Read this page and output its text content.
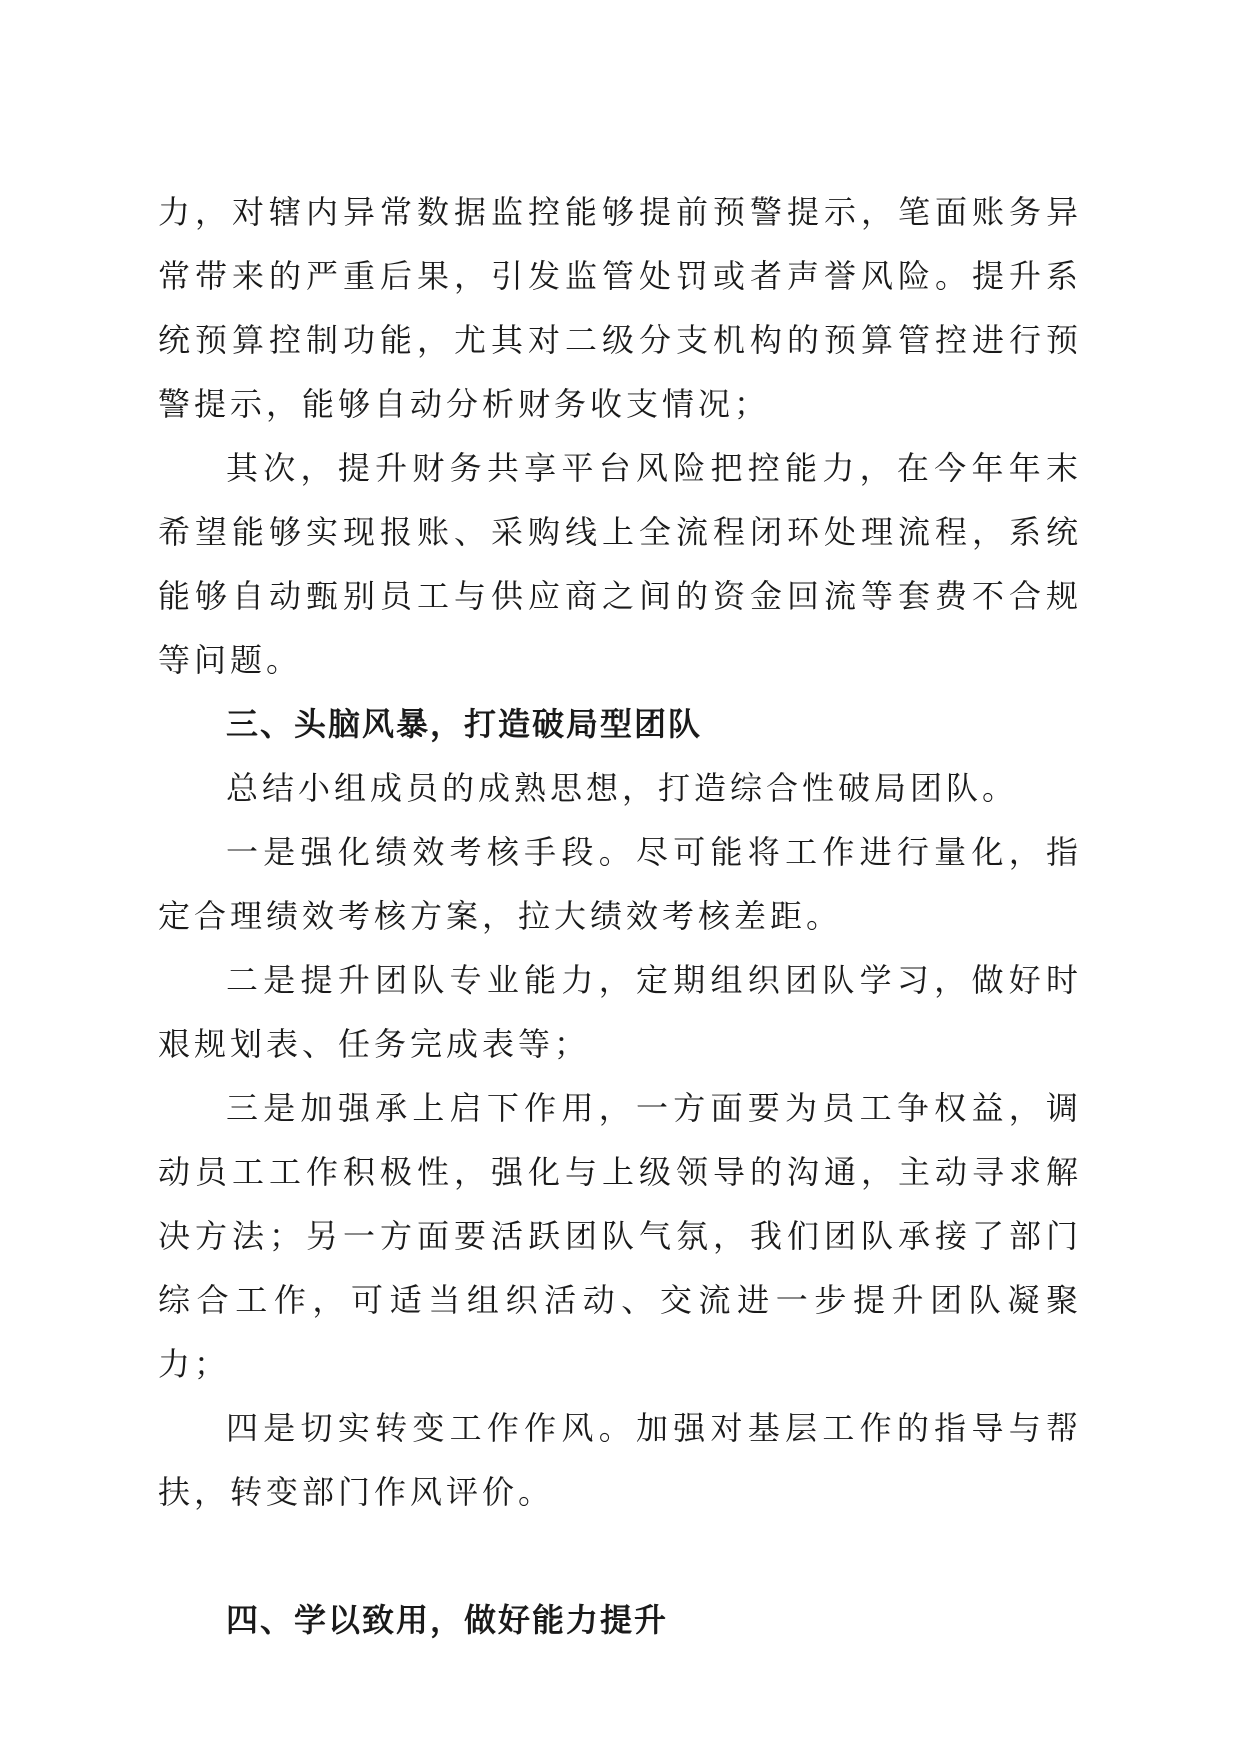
力，对辖内异常数据监控能够提前预警提示，笔面账务异常带来的严重后果，引发监管处罚或者声誉风险。提升系统预算控制功能，尤其对二级分支机构的预算管控进行预警提示，能够自动分析财务收支情况；

其次，提升财务共享平台风险把控能力，在今年年末希望能够实现报账、采购线上全流程闭环处理流程，系统能够自动甄别员工与供应商之间的资金回流等套费不合规等问题。

三、头脑风暴，打造破局型团队

总结小组成员的成熟思想，打造综合性破局团队。

一是强化绩效考核手段。尽可能将工作进行量化，指定合理绩效考核方案，拉大绩效考核差距。

二是提升团队专业能力，定期组织团队学习，做好时艰规划表、任务完成表等；

三是加强承上启下作用，一方面要为员工争权益，调动员工工作积极性，强化与上级领导的沟通，主动寻求解决方法；另一方面要活跃团队气氛，我们团队承接了部门综合工作，可适当组织活动、交流进一步提升团队凝聚力；

四是切实转变工作作风。加强对基层工作的指导与帮扶，转变部门作风评价。

四、学以致用，做好能力提升
